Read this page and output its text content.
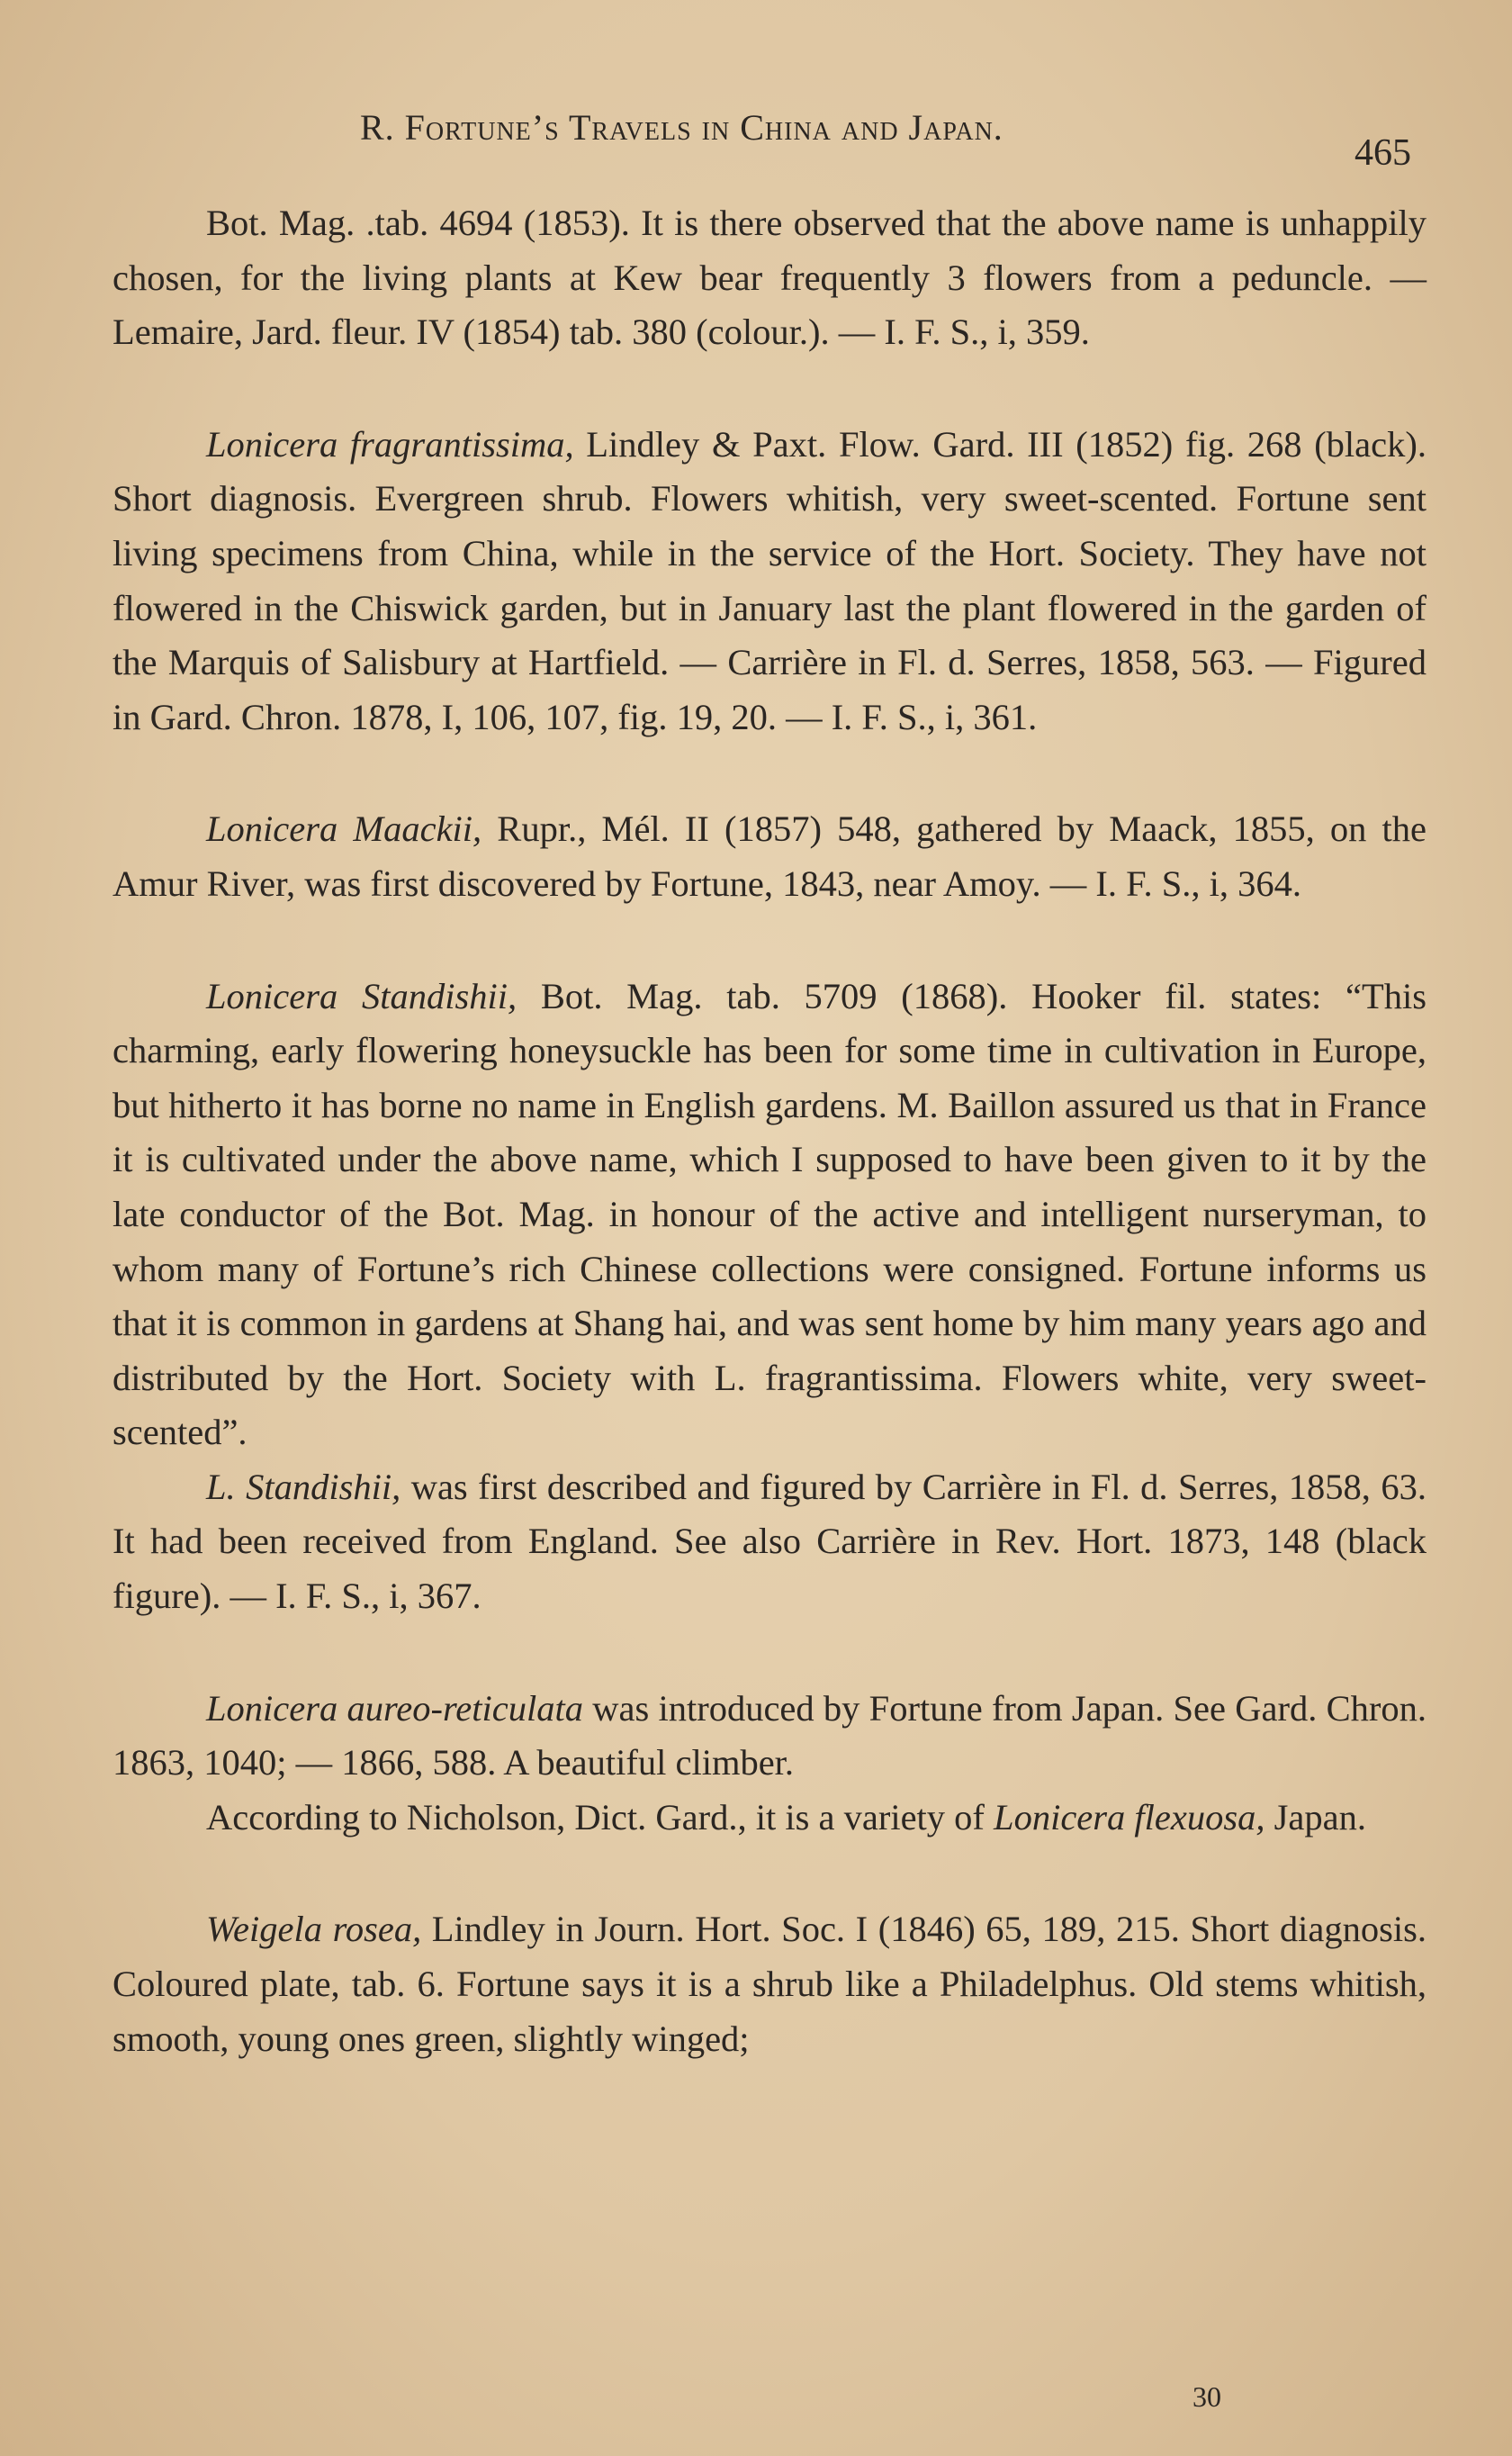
R. Fortune’s Travels in China and Japan.
465

Bot. Mag. .tab. 4694 (1853). It is there observed that the above name is unhappily chosen, for the living plants at Kew bear frequently 3 flowers from a peduncle. — Lemaire, Jard. fleur. IV (1854) tab. 380 (colour.). — I. F. S., i, 359.

Lonicera fragrantissima, Lindley & Paxt. Flow. Gard. III (1852) fig. 268 (black). Short diagnosis. Evergreen shrub. Flowers whitish, very sweet-scented. Fortune sent living specimens from China, while in the service of the Hort. Society. They have not flowered in the Chiswick garden, but in January last the plant flowered in the garden of the Marquis of Salisbury at Hartfield. — Carrière in Fl. d. Serres, 1858, 563. — Figured in Gard. Chron. 1878, I, 106, 107, fig. 19, 20. — I. F. S., i, 361.

Lonicera Maackii, Rupr., Mél. II (1857) 548, gathered by Maack, 1855, on the Amur River, was first discovered by Fortune, 1843, near Amoy. — I. F. S., i, 364.

Lonicera Standishii, Bot. Mag. tab. 5709 (1868). Hooker fil. states: “This charming, early flowering honeysuckle has been for some time in cultivation in Europe, but hitherto it has borne no name in English gardens. M. Baillon assured us that in France it is cultivated under the above name, which I supposed to have been given to it by the late conductor of the Bot. Mag. in honour of the active and intelligent nurseryman, to whom many of Fortune’s rich Chinese collections were consigned. Fortune informs us that it is common in gardens at Shang hai, and was sent home by him many years ago and distributed by the Hort. Society with L. fragrantissima. Flowers white, very sweet-scented”.

L. Standishii, was first described and figured by Carrière in Fl. d. Serres, 1858, 63. It had been received from England. See also Carrière in Rev. Hort. 1873, 148 (black figure). — I. F. S., i, 367.

Lonicera aureo-reticulata was introduced by Fortune from Japan. See Gard. Chron. 1863, 1040; — 1866, 588. A beautiful climber.

According to Nicholson, Dict. Gard., it is a variety of Lonicera flexuosa, Japan.

Weigela rosea, Lindley in Journ. Hort. Soc. I (1846) 65, 189, 215. Short diagnosis. Coloured plate, tab. 6. Fortune says it is a shrub like a Philadelphus. Old stems whitish, smooth, young ones green, slightly winged;

30
